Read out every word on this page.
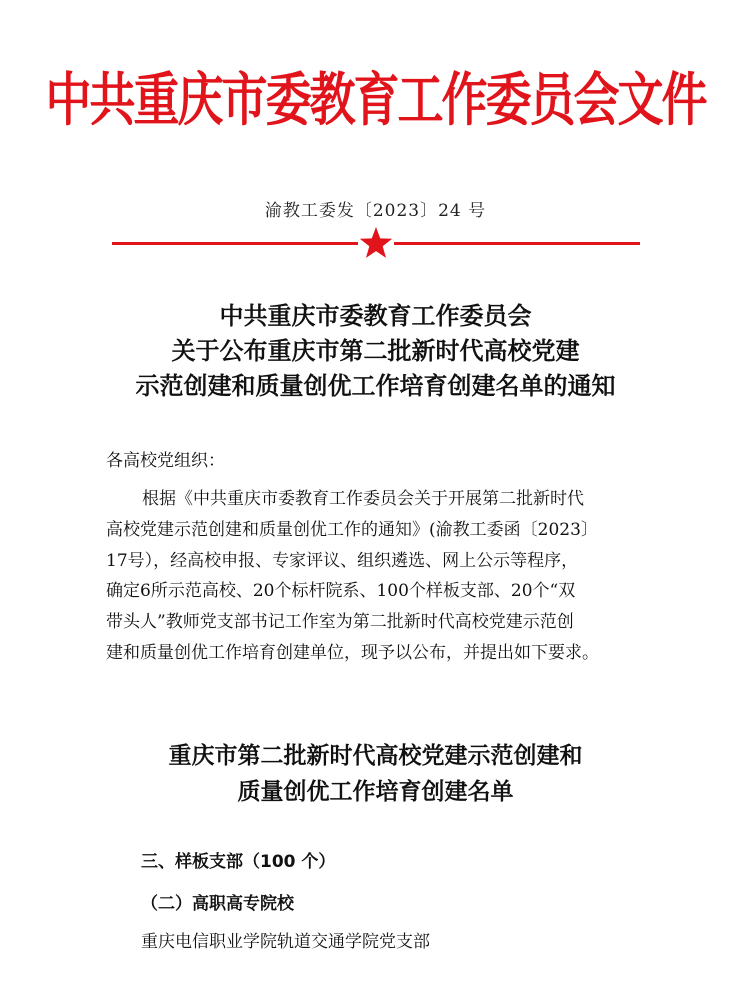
中共重庆市委教育工作委员会文件
渝教工委发〔2023〕24 号
中共重庆市委教育工作委员会
关于公布重庆市第二批新时代高校党建
示范创建和质量创优工作培育创建名单的通知
各高校党组织：
根据《中共重庆市委教育工作委员会关于开展第二批新时代
高校党建示范创建和质量创优工作的通知》(渝教工委函〔2023〕
17号），经高校申报、专家评议、组织遴选、网上公示等程序，
确定6所示范高校、20个标杆院系、100个样板支部、20个“双
带头人”教师党支部书记工作室为第二批新时代高校党建示范创
建和质量创优工作培育创建单位，现予以公布，并提出如下要求。
重庆市第二批新时代高校党建示范创建和
质量创优工作培育创建名单
三、样板支部（100 个）
（二）高职高专院校
重庆电信职业学院轨道交通学院党支部
